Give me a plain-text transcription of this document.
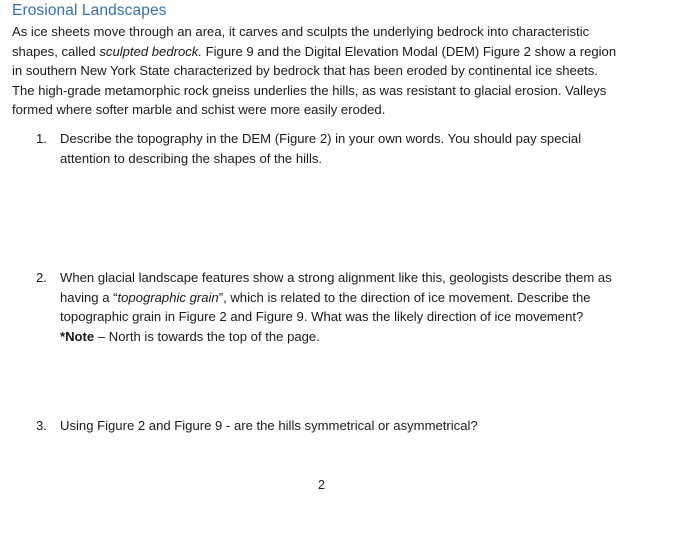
Erosional Landscapes

As ice sheets move through an area, it carves and sculpts the underlying bedrock into characteristic
shapes, called sculpted bedrock. Figure 9 and the Digital Elevation Modal (DEM) Figure 2 show a region
in southern New York State characterized by bedrock that has been eroded by continental ice sheets.
The high-grade metamorphic rock gneiss underlies the hills, as was resistant to glacial erosion. Valleys
formed where softer marble and schist were more easily eroded.

1. Describe the topography in the DEM (Figure 2) in your own words. You should pay special
attention to describing the shapes of the hills.
2. When glacial landscape features show a strong alignment like this, geologists describe them as
having a “topographic grain”, which is related to the direction of ice movement. Describe the
topographic grain in Figure 2 and Figure 9. What was the likely direction of ice movement?
*Note – North is towards the top of the page.
3. Using Figure 2 and Figure 9 - are the hills symmetrical or asymmetrical?
2
